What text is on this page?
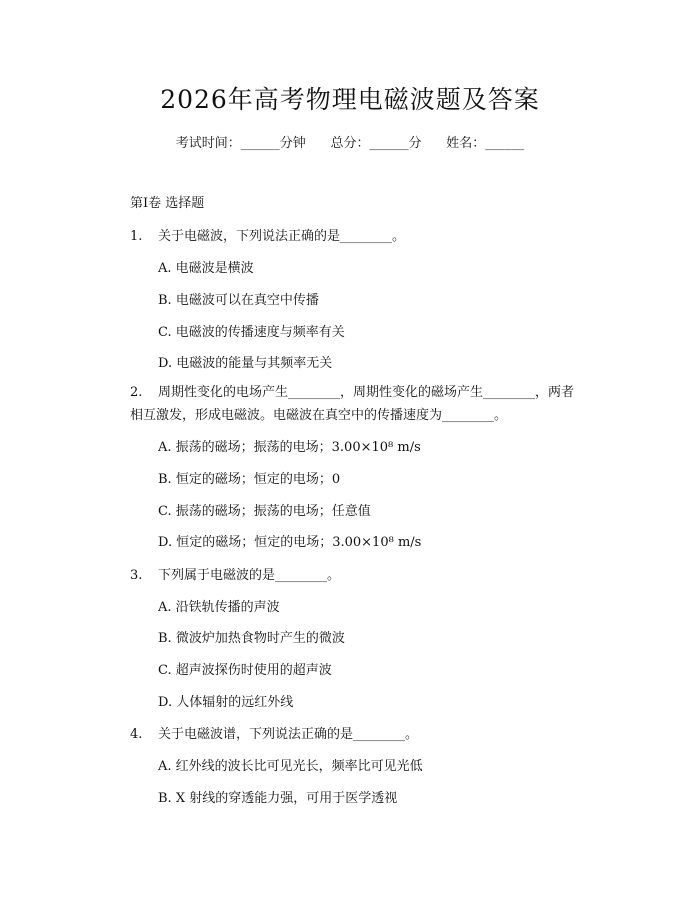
2026年高考物理电磁波题及答案
考试时间：______分钟      总分：______分      姓名：______
第Ⅰ卷 选择题
1. 关于电磁波，下列说法正确的是________。
A. 电磁波是横波
B. 电磁波可以在真空中传播
C. 电磁波的传播速度与频率有关
D. 电磁波的能量与其频率无关
2. 周期性变化的电场产生________，周期性变化的磁场产生________，两者相互激发，形成电磁波。电磁波在真空中的传播速度为________。
A. 振荡的磁场；振荡的电场；3.00×10⁸ m/s
B. 恒定的磁场；恒定的电场；0
C. 振荡的磁场；振荡的电场；任意值
D. 恒定的磁场；恒定的电场；3.00×10⁸ m/s
3. 下列属于电磁波的是________。
A. 沿铁轨传播的声波
B. 微波炉加热食物时产生的微波
C. 超声波探伤时使用的超声波
D. 人体辐射的远红外线
4. 关于电磁波谱，下列说法正确的是________。
A. 红外线的波长比可见光长，频率比可见光低
B. X 射线的穿透能力强，可用于医学透视
